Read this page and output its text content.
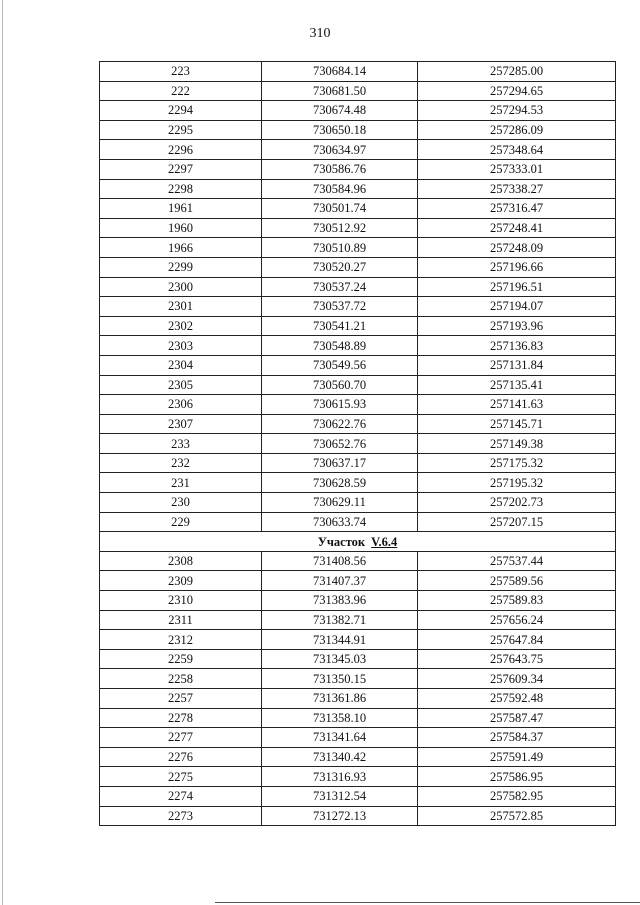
310
223	730684.14	257285.00
222	730681.50	257294.65
2294	730674.48	257294.53
2295	730650.18	257286.09
2296	730634.97	257348.64
2297	730586.76	257333.01
2298	730584.96	257338.27
1961	730501.74	257316.47
1960	730512.92	257248.41
1966	730510.89	257248.09
2299	730520.27	257196.66
2300	730537.24	257196.51
2301	730537.72	257194.07
2302	730541.21	257193.96
2303	730548.89	257136.83
2304	730549.56	257131.84
2305	730560.70	257135.41
2306	730615.93	257141.63
2307	730622.76	257145.71
233	730652.76	257149.38
232	730637.17	257175.32
231	730628.59	257195.32
230	730629.11	257202.73
229	730633.74	257207.15
Участок V.6.4		
2308	731408.56	257537.44
2309	731407.37	257589.56
2310	731383.96	257589.83
2311	731382.71	257656.24
2312	731344.91	257647.84
2259	731345.03	257643.75
2258	731350.15	257609.34
2257	731361.86	257592.48
2278	731358.10	257587.47
2277	731341.64	257584.37
2276	731340.42	257591.49
2275	731316.93	257586.95
2274	731312.54	257582.95
2273	731272.13	257572.85
